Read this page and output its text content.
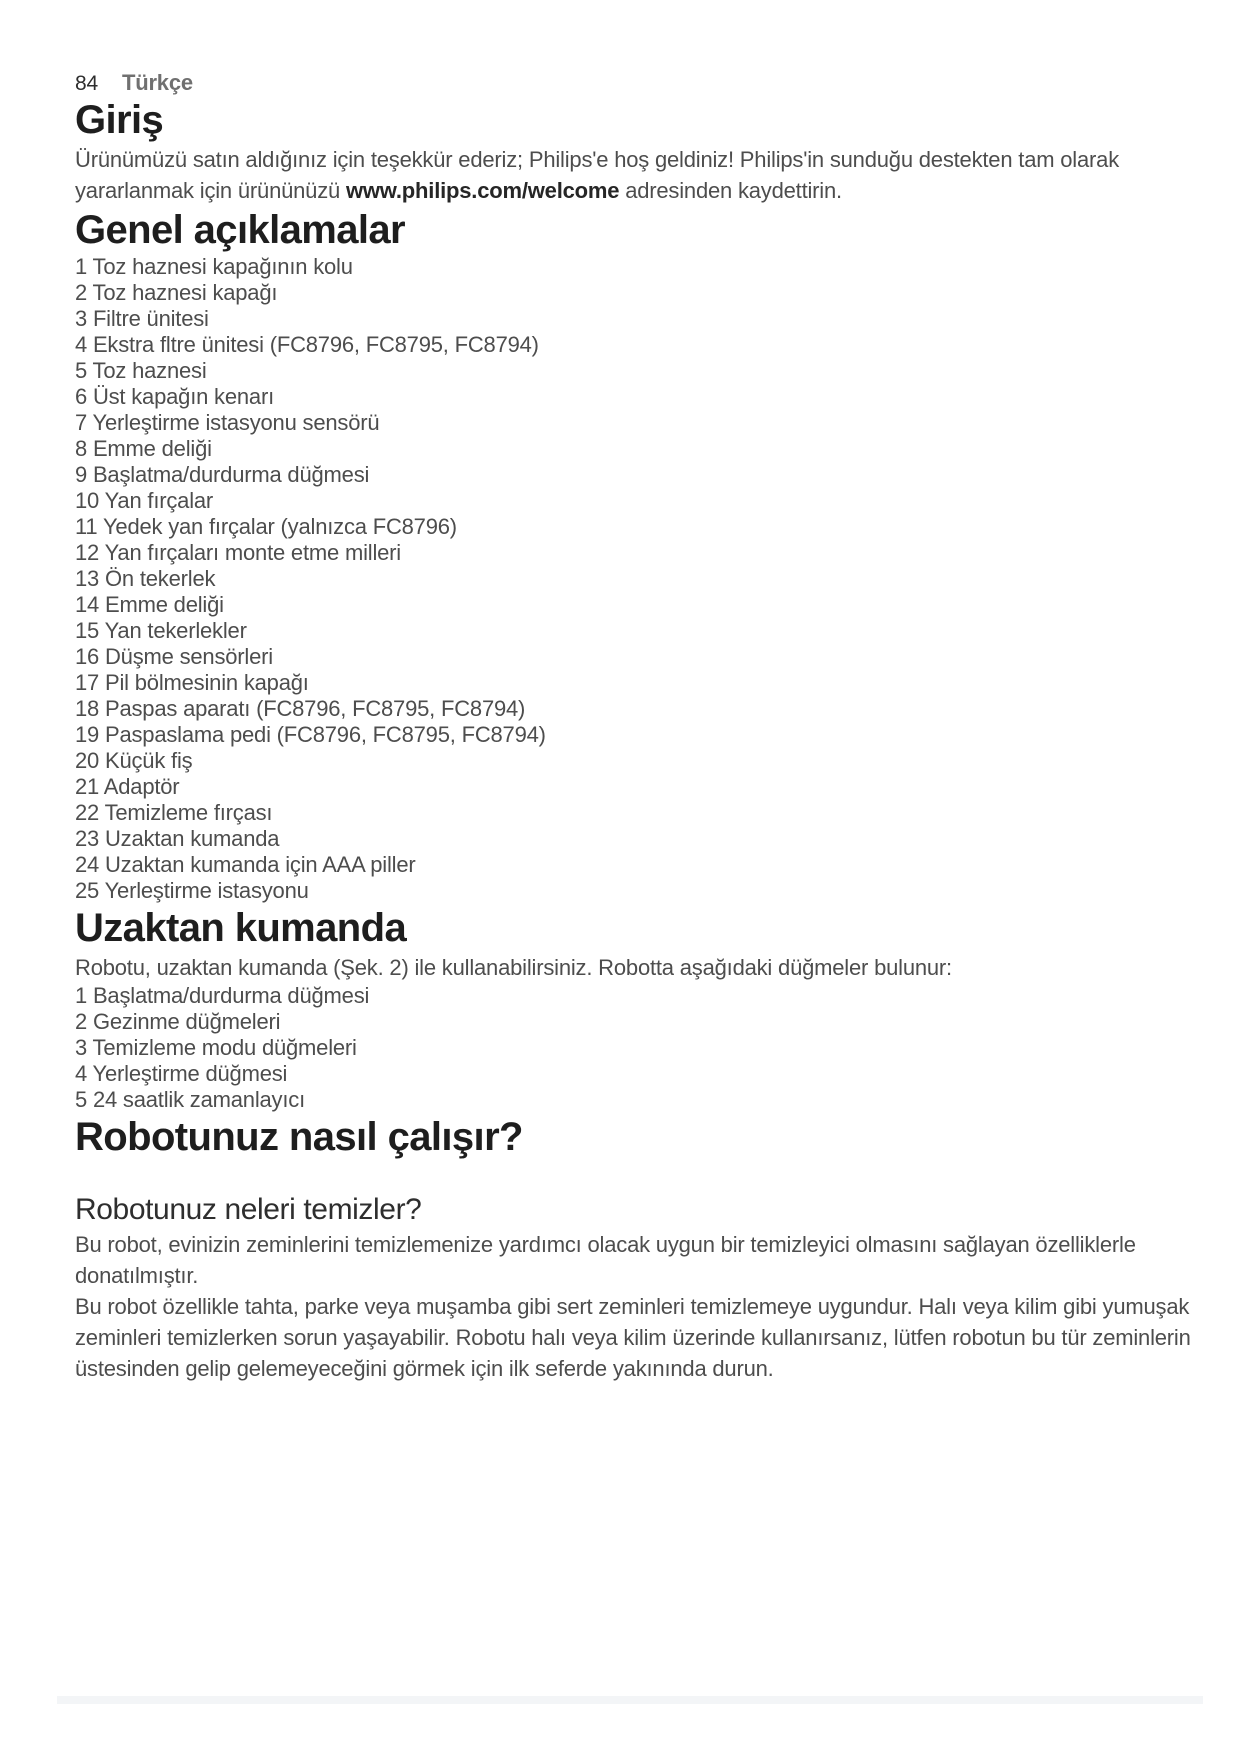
84 Türkçe
Giriş

Ürünümüzü satın aldığınız için teşekkür ederiz; Philips'e hoş geldiniz! Philips'in sunduğu destekten tam olarak yararlanmak için ürününüzü www.philips.com/welcome adresinden kaydettirin.

Genel açıklamalar
1 Toz haznesi kapağının kolu
2 Toz haznesi kapağı
3 Filtre ünitesi
4 Ekstra fltre ünitesi (FC8796, FC8795, FC8794)
5 Toz haznesi
6 Üst kapağın kenarı
7 Yerleştirme istasyonu sensörü
8 Emme deliği
9 Başlatma/durdurma düğmesi
10 Yan fırçalar
11 Yedek yan fırçalar (yalnızca FC8796)
12 Yan fırçaları monte etme milleri
13 Ön tekerlek
14 Emme deliği
15 Yan tekerlekler
16 Düşme sensörleri
17 Pil bölmesinin kapağı
18 Paspas aparatı (FC8796, FC8795, FC8794)
19 Paspaslama pedi (FC8796, FC8795, FC8794)
20 Küçük fiş
21 Adaptör
22 Temizleme fırçası
23 Uzaktan kumanda
24 Uzaktan kumanda için AAA piller
25 Yerleştirme istasyonu
Uzaktan kumanda

Robotu, uzaktan kumanda (Şek. 2) ile kullanabilirsiniz. Robotta aşağıdaki düğmeler bulunur:

1 Başlatma/durdurma düğmesi
2 Gezinme düğmeleri
3 Temizleme modu düğmeleri
4 Yerleştirme düğmesi
5 24 saatlik zamanlayıcı
Robotunuz nasıl çalışır?
Robotunuz neleri temizler?

Bu robot, evinizin zeminlerini temizlemenize yardımcı olacak uygun bir temizleyici olmasını sağlayan özelliklerle donatılmıştır.

Bu robot özellikle tahta, parke veya muşamba gibi sert zeminleri temizlemeye uygundur. Halı veya kilim gibi yumuşak zeminleri temizlerken sorun yaşayabilir. Robotu halı veya kilim üzerinde kullanırsanız, lütfen robotun bu tür zeminlerin üstesinden gelip gelemeyeceğini görmek için ilk seferde yakınında durun.
